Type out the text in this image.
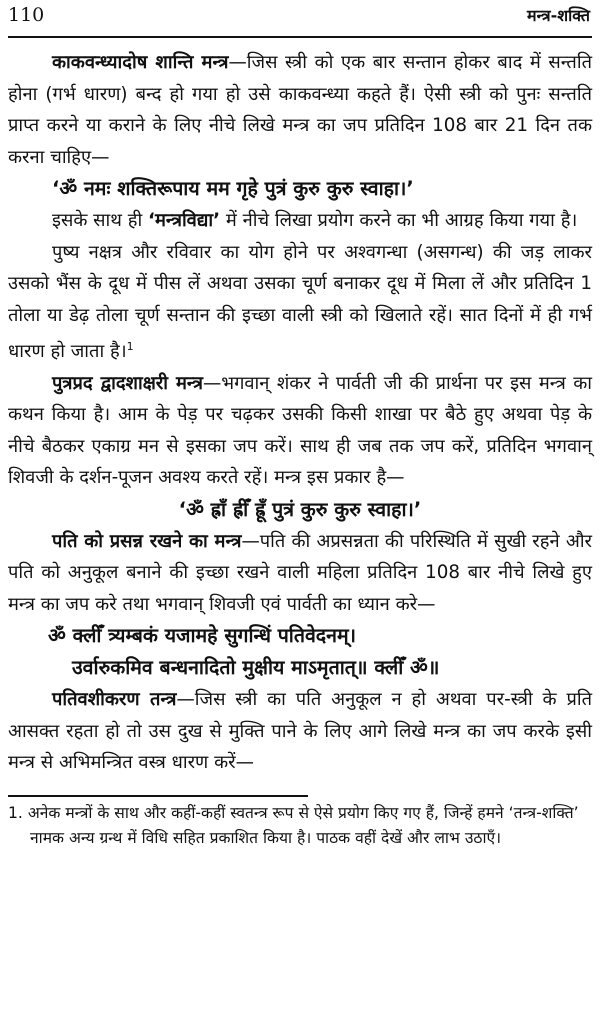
110	मन्त्र-शक्ति

काकवन्ध्यादोष शान्ति मन्त्र—जिस स्त्री को एक बार सन्तान होकर बाद में सन्तति होना (गर्भ धारण) बन्द हो गया हो उसे काकवन्ध्या कहते हैं। ऐसी स्त्री को पुनः सन्तति प्राप्त करने या कराने के लिए नीचे लिखे मन्त्र का जप प्रतिदिन 108 बार 21 दिन तक करना चाहिए—

‘ॐ नमः शक्तिरूपाय मम गृहे पुत्रं कुरु कुरु स्वाहा।’

इसके साथ ही ‘मन्त्रविद्या’ में नीचे लिखा प्रयोग करने का भी आग्रह किया गया है।

पुष्य नक्षत्र और रविवार का योग होने पर अश्वगन्धा (असगन्ध) की जड़ लाकर उसको भैंस के दूध में पीस लें अथवा उसका चूर्ण बनाकर दूध में मिला लें और प्रतिदिन 1 तोला या डेढ़ तोला चूर्ण सन्तान की इच्छा वाली स्त्री को खिलाते रहें। सात दिनों में ही गर्भ धारण हो जाता है।$^1$

पुत्रप्रद द्वादशाक्षरी मन्त्र—भगवान् शंकर ने पार्वती जी की प्रार्थना पर इस मन्त्र का कथन किया है। आम के पेड़ पर चढ़कर उसकी किसी शाखा पर बैठे हुए अथवा पेड़ के नीचे बैठकर एकाग्र मन से इसका जप करें। साथ ही जब तक जप करें, प्रतिदिन भगवान् शिवजी के दर्शन-पूजन अवश्य करते रहें। मन्त्र इस प्रकार है—

‘ॐ ह्राँ ह्रीँ ह्रूँ पुत्रं कुरु कुरु स्वाहा।’

पति को प्रसन्न रखने का मन्त्र—पति की अप्रसन्नता की परिस्थिति में सुखी रहने और पति को अनुकूल बनाने की इच्छा रखने वाली महिला प्रतिदिन 108 बार नीचे लिखे हुए मन्त्र का जप करे तथा भगवान् शिवजी एवं पार्वती का ध्यान करे—

ॐ क्लीँ त्र्यम्बकं यजामहे सुगन्धिं पतिवेदनम्।

उर्वारुकमिव बन्धनादितो मुक्षीय माऽमृतात्॥ क्लीँ ॐ॥

पतिवशीकरण तन्त्र—जिस स्त्री का पति अनुकूल न हो अथवा पर-स्त्री के प्रति आसक्त रहता हो तो उस दुख से मुक्ति पाने के लिए आगे लिखे मन्त्र का जप करके इसी मन्त्र से अभिमन्त्रित वस्त्र धारण करें—

1. अनेक मन्त्रों के साथ और कहीं-कहीं स्वतन्त्र रूप से ऐसे प्रयोग किए गए हैं, जिन्हें हमने ‘तन्त्र-शक्ति’ नामक अन्य ग्रन्थ में विधि सहित प्रकाशित किया है। पाठक वहीं देखें और लाभ उठाएँ।
